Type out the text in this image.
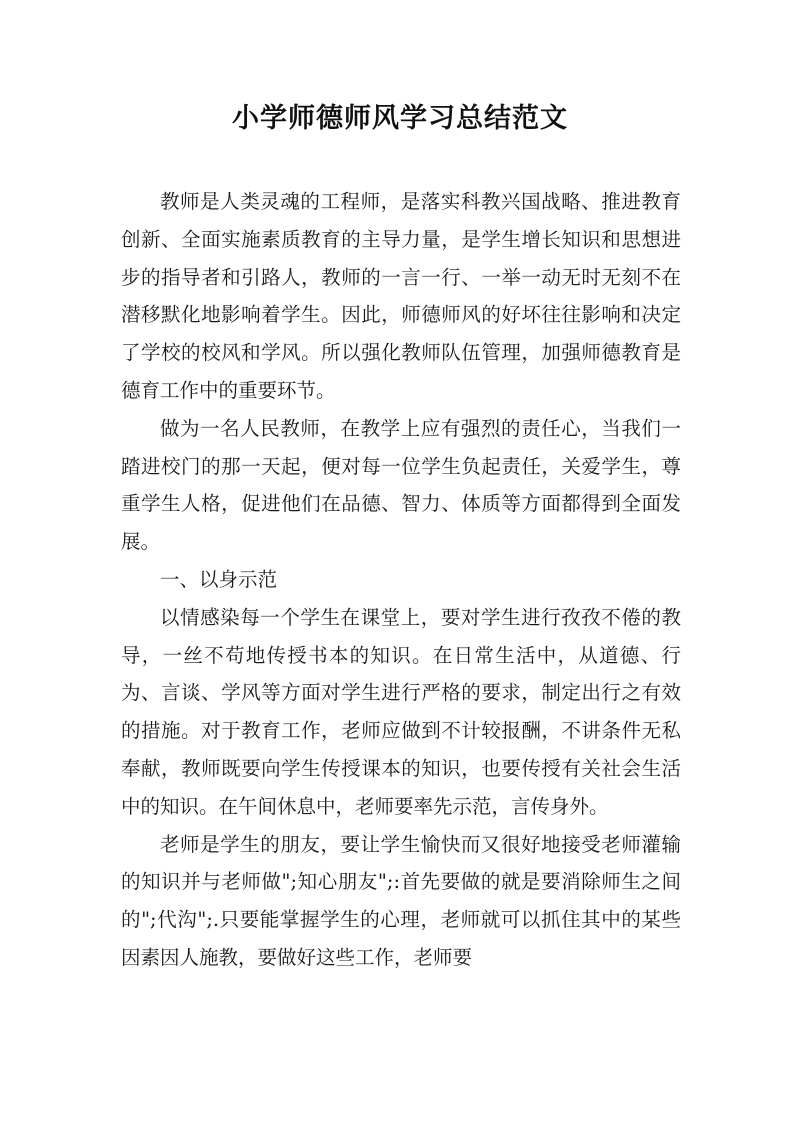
小学师德师风学习总结范文

教师是人类灵魂的工程师，是落实科教兴国战略、推进教育创新、全面实施素质教育的主导力量，是学生增长知识和思想进步的指导者和引路人，教师的一言一行、一举一动无时无刻不在潜移默化地影响着学生。因此，师德师风的好坏往往影响和决定了学校的校风和学风。所以强化教师队伍管理，加强师德教育是德育工作中的重要环节。

做为一名人民教师，在教学上应有强烈的责任心，当我们一踏进校门的那一天起，便对每一位学生负起责任，关爱学生，尊重学生人格，促进他们在品德、智力、体质等方面都得到全面发展。

一、以身示范

以情感染每一个学生在课堂上，要对学生进行孜孜不倦的教导，一丝不苟地传授书本的知识。在日常生活中，从道德、行为、言谈、学风等方面对学生进行严格的要求，制定出行之有效的措施。对于教育工作，老师应做到不计较报酬，不讲条件无私奉献，教师既要向学生传授课本的知识，也要传授有关社会生活中的知识。在午间休息中，老师要率先示范，言传身外。

老师是学生的朋友，要让学生愉快而又很好地接受老师灌输的知识并与老师做";知心朋友";:首先要做的就是要消除师生之间的";代沟";.只要能掌握学生的心理，老师就可以抓住其中的某些因素因人施教，要做好这些工作，老师要
